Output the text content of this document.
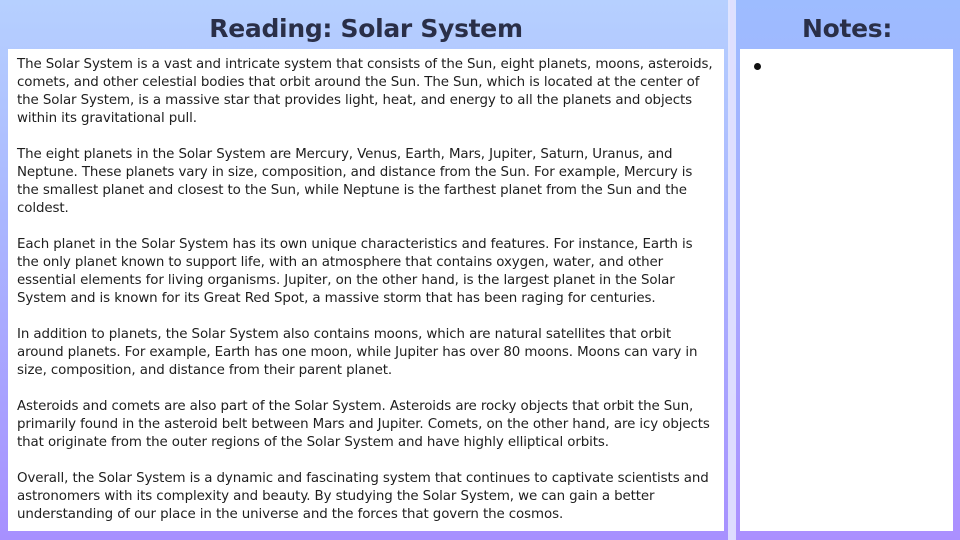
Reading: Solar System	Notes:

The Solar System is a vast and intricate system that consists of the Sun, eight planets, moons, asteroids, comets, and other celestial bodies that orbit around the Sun. The Sun, which is located at the center of the Solar System, is a massive star that provides light, heat, and energy to all the planets and objects within its gravitational pull.

The eight planets in the Solar System are Mercury, Venus, Earth, Mars, Jupiter, Saturn, Uranus, and Neptune. These planets vary in size, composition, and distance from the Sun. For example, Mercury is the smallest planet and closest to the Sun, while Neptune is the farthest planet from the Sun and the coldest.

Each planet in the Solar System has its own unique characteristics and features. For instance, Earth is the only planet known to support life, with an atmosphere that contains oxygen, water, and other essential elements for living organisms. Jupiter, on the other hand, is the largest planet in the Solar System and is known for its Great Red Spot, a massive storm that has been raging for centuries.

In addition to planets, the Solar System also contains moons, which are natural satellites that orbit around planets. For example, Earth has one moon, while Jupiter has over 80 moons. Moons can vary in size, composition, and distance from their parent planet.

Asteroids and comets are also part of the Solar System. Asteroids are rocky objects that orbit the Sun, primarily found in the asteroid belt between Mars and Jupiter. Comets, on the other hand, are icy objects that originate from the outer regions of the Solar System and have highly elliptical orbits.

Overall, the Solar System is a dynamic and fascinating system that continues to captivate scientists and astronomers with its complexity and beauty. By studying the Solar System, we can gain a better understanding of our place in the universe and the forces that govern the cosmos.
